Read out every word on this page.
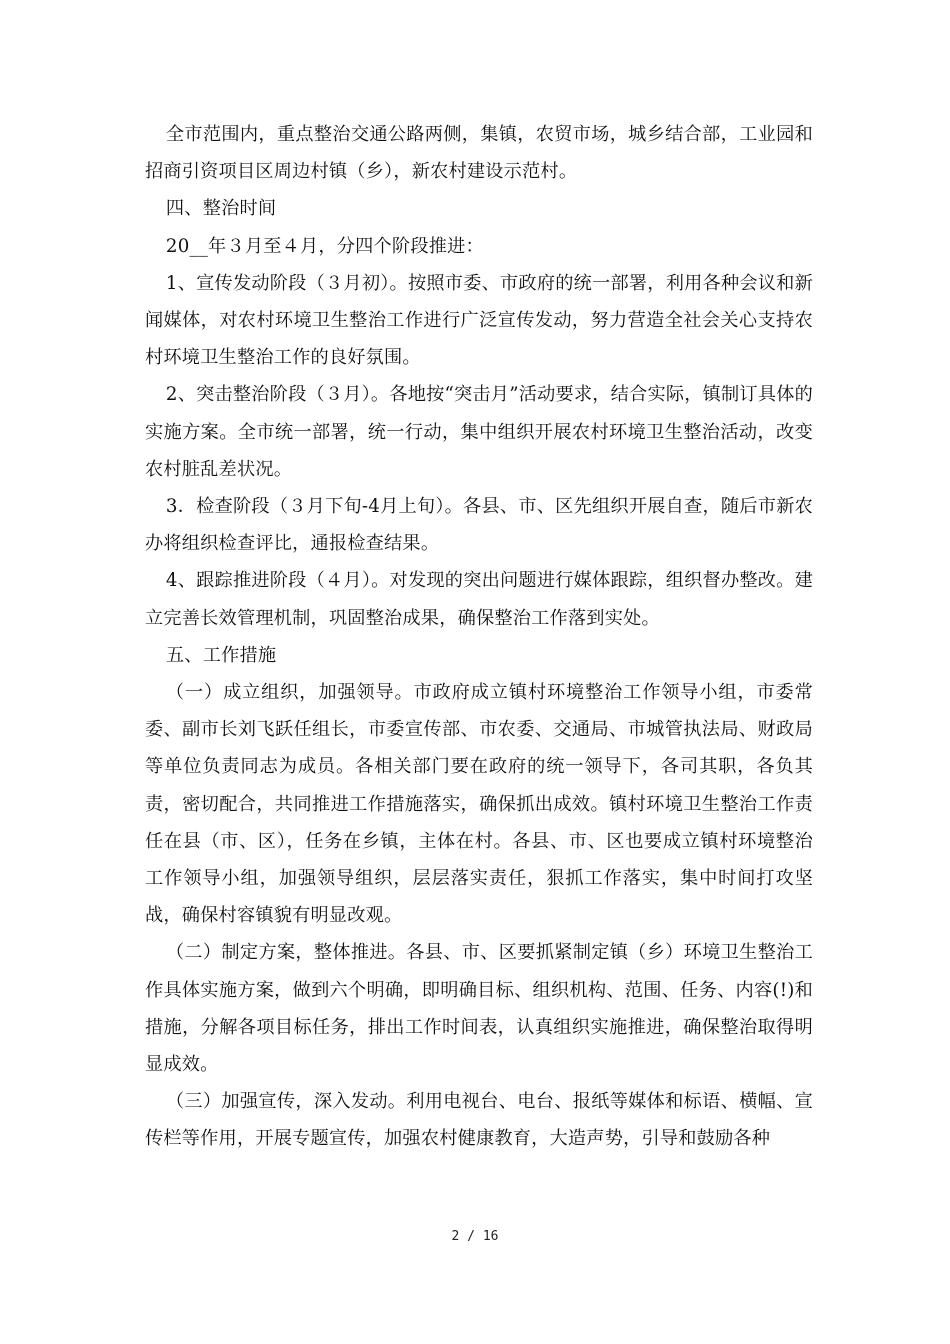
全市范围内，重点整治交通公路两侧，集镇，农贸市场，城乡结合部，工业园和招商引资项目区周边村镇（乡），新农村建设示范村。

四、整治时间

20__年３月至４月，分四个阶段推进：

1、宣传发动阶段（３月初）。按照市委、市政府的统一部署，利用各种会议和新闻媒体，对农村环境卫生整治工作进行广泛宣传发动，努力营造全社会关心支持农村环境卫生整治工作的良好氛围。

2、突击整治阶段（３月）。各地按“突击月”活动要求，结合实际，镇制订具体的实施方案。全市统一部署，统一行动，集中组织开展农村环境卫生整治活动，改变农村脏乱差状况。

3．检查阶段（３月下旬-4月上旬）。各县、市、区先组织开展自查，随后市新农办将组织检查评比，通报检查结果。

4、跟踪推进阶段（４月）。对发现的突出问题进行媒体跟踪，组织督办整改。建立完善长效管理机制，巩固整治成果，确保整治工作落到实处。

五、工作措施

（一）成立组织，加强领导。市政府成立镇村环境整治工作领导小组，市委常委、副市长刘飞跃任组长，市委宣传部、市农委、交通局、市城管执法局、财政局等单位负责同志为成员。各相关部门要在政府的统一领导下，各司其职，各负其责，密切配合，共同推进工作措施落实，确保抓出成效。镇村环境卫生整治工作责任在县（市、区），任务在乡镇，主体在村。各县、市、区也要成立镇村环境整治工作领导小组，加强领导组织，层层落实责任，狠抓工作落实，集中时间打攻坚战，确保村容镇貌有明显改观。

（二）制定方案，整体推进。各县、市、区要抓紧制定镇（乡）环境卫生整治工作具体实施方案，做到六个明确，即明确目标、组织机构、范围、任务、内容(!)和措施，分解各项目标任务，排出工作时间表，认真组织实施推进，确保整治取得明显成效。

（三）加强宣传，深入发动。利用电视台、电台、报纸等媒体和标语、横幅、宣传栏等作用，开展专题宣传，加强农村健康教育，大造声势，引导和鼓励各种

2 / 16
